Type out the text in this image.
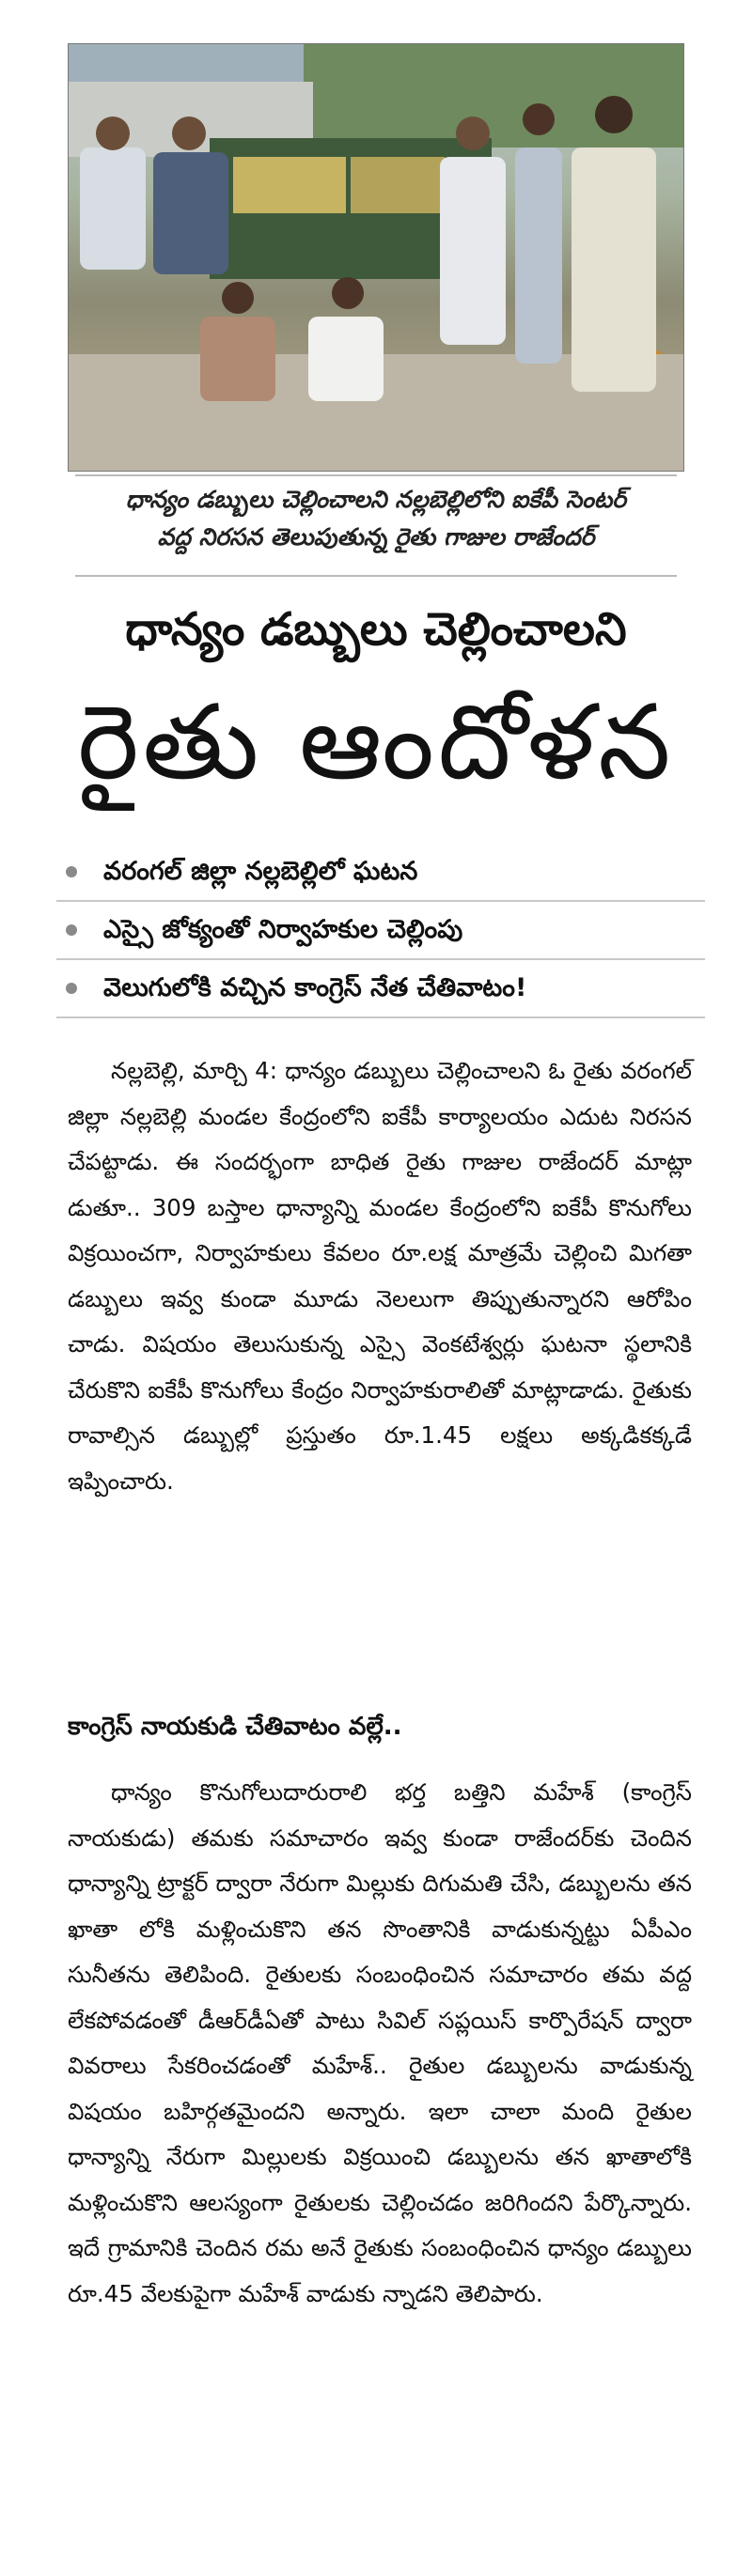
ధాన్యం డబ్బులు చెల్లించాలని నల్లబెల్లిలోని ఐకేపీ సెంటర్
వద్ద నిరసన తెలుపుతున్న రైతు గాజుల రాజేందర్
ధాన్యం డబ్బులు చెల్లించాలని
రైతు ఆందోళన
వరంగల్ జిల్లా నల్లబెల్లిలో ఘటన
ఎస్సై జోక్యంతో నిర్వాహకుల చెల్లింపు
వెలుగులోకి వచ్చిన కాంగ్రెస్ నేత చేతివాటం!
నల్లబెల్లి, మార్చి 4: ధాన్యం డబ్బులు చెల్లించాలని ఓ రైతు వరంగల్ జిల్లా నల్లబెల్లి మండల కేంద్రంలోని ఐకేపీ కార్యాలయం ఎదుట నిరసన చేపట్టాడు. ఈ సందర్భంగా బాధిత రైతు గాజుల రాజేందర్ మాట్లా డుతూ.. 309 బస్తాల ధాన్యాన్ని మండల కేంద్రంలోని ఐకేపీ కొనుగోలు విక్రయించగా, నిర్వాహకులు కేవలం రూ.లక్ష మాత్రమే చెల్లించి మిగతా డబ్బులు ఇవ్వ కుండా మూడు నెలలుగా తిప్పుతున్నారని ఆరోపిం చాడు. విషయం తెలుసుకున్న ఎస్సై వెంకటేశ్వర్లు ఘటనా స్థలానికి చేరుకొని ఐకేపీ కొనుగోలు కేంద్రం నిర్వాహకురాలితో మాట్లాడాడు. రైతుకు రావాల్సిన డబ్బుల్లో ప్రస్తుతం రూ.1.45 లక్షలు అక్కడికక్కడే ఇప్పించారు.
కాంగ్రెస్ నాయకుడి చేతివాటం వల్లే..
ధాన్యం కొనుగోలుదారురాలి భర్త బత్తిని మహేశ్ (కాంగ్రెస్ నాయకుడు) తమకు సమాచారం ఇవ్వ కుండా రాజేందర్‌కు చెందిన ధాన్యాన్ని ట్రాక్టర్ ద్వారా నేరుగా మిల్లుకు దిగుమతి చేసి, డబ్బులను తన ఖాతా లోకి మళ్లించుకొని తన సొంతానికి వాడుకున్నట్టు ఏపీఎం సునీతను తెలిపింది. రైతులకు సంబంధించిన సమాచారం తమ వద్ద లేకపోవడంతో డీఆర్‌డీఏతో పాటు సివిల్ సప్లయిస్ కార్పొరేషన్ ద్వారా వివరాలు సేకరించడంతో మహేశ్.. రైతుల డబ్బులను వాడుకున్న విషయం బహిర్గతమైందని అన్నారు. ఇలా చాలా మంది రైతుల ధాన్యాన్ని నేరుగా మిల్లులకు విక్రయించి డబ్బులను తన ఖాతాలోకి మళ్లించుకొని ఆలస్యంగా రైతులకు చెల్లించడం జరిగిందని పేర్కొన్నారు. ఇదే గ్రామానికి చెందిన రమ అనే రైతుకు సంబంధించిన ధాన్యం డబ్బులు రూ.45 వేలకుపైగా మహేశ్ వాడుకు న్నాడని తెలిపారు.
